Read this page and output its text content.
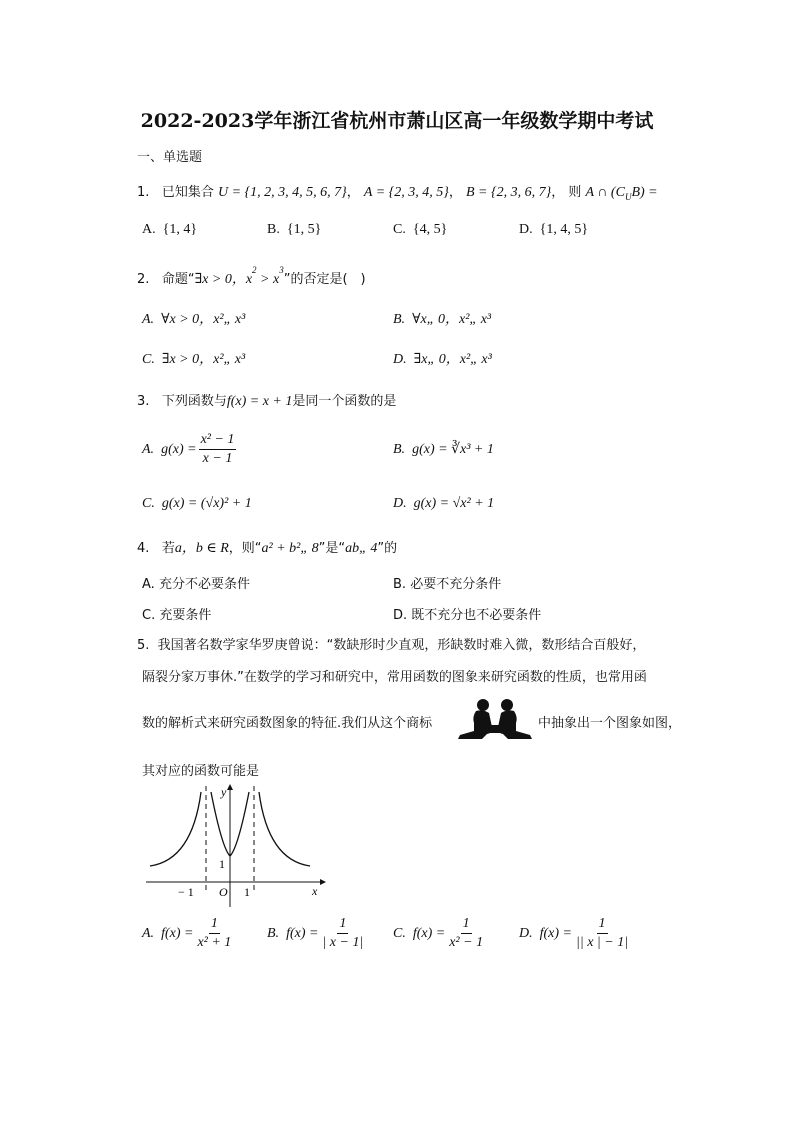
2022-2023学年浙江省杭州市萧山区高一年级数学期中考试
一、单选题
1. 已知集合 U = {1, 2, 3, 4, 5, 6, 7}， A = {2, 3, 4, 5}， B = {2, 3, 6, 7}， 则 A ∩ $(C_UB)$ =
A. {1, 4}	B. {1, 5}	C. {4, 5}	D. {1, 4, 5}
2. 命题“∃x > 0，$x^2 > x^3$”的否定是(　)
A. ∀x > 0，x²„ x³	B. ∀x„ 0，x²„ x³
C. ∃x > 0，x²„ x³	D. ∃x„ 0，x²„ x³
3. 下列函数与f(x) = x + 1是同一个函数的是
A.
$g(x) = \frac{\text{x² − 1}}{x - 1}$	B. g(x) = ∛x³ + 1
C. g(x) = (√x)² + 1	D. g(x) = √x² + 1
4. 若a，b ∈ R，则“a² + b²„ 8”是“ab„ 4”的
A. 充分不必要条件	B. 必要不充分条件
C. 充要条件	D. 既不充分也不必要条件
5. 我国著名数学家华罗庚曾说：“数缺形时少直观，形缺数时难入微，数形结合百般好，
隔裂分家万事休.”在数学的学习和研究中，常用函数的图象来研究函数的性质，也常用函
数的解析式来研究函数图象的特征.我们从这个商标	中抽象出一个图象如图，
其对应的函数可能是
y
x
O
− 1	1
1
A.
$f(x) = \frac{1}{\text{x² + 1}} B$.
$f(x) = \frac{1}{| x - 1|} C$.
$f(x) = \frac{1}{\text{x² − 1}} D$.
$f(x) = \frac{1}{|| x | - 1|}$
